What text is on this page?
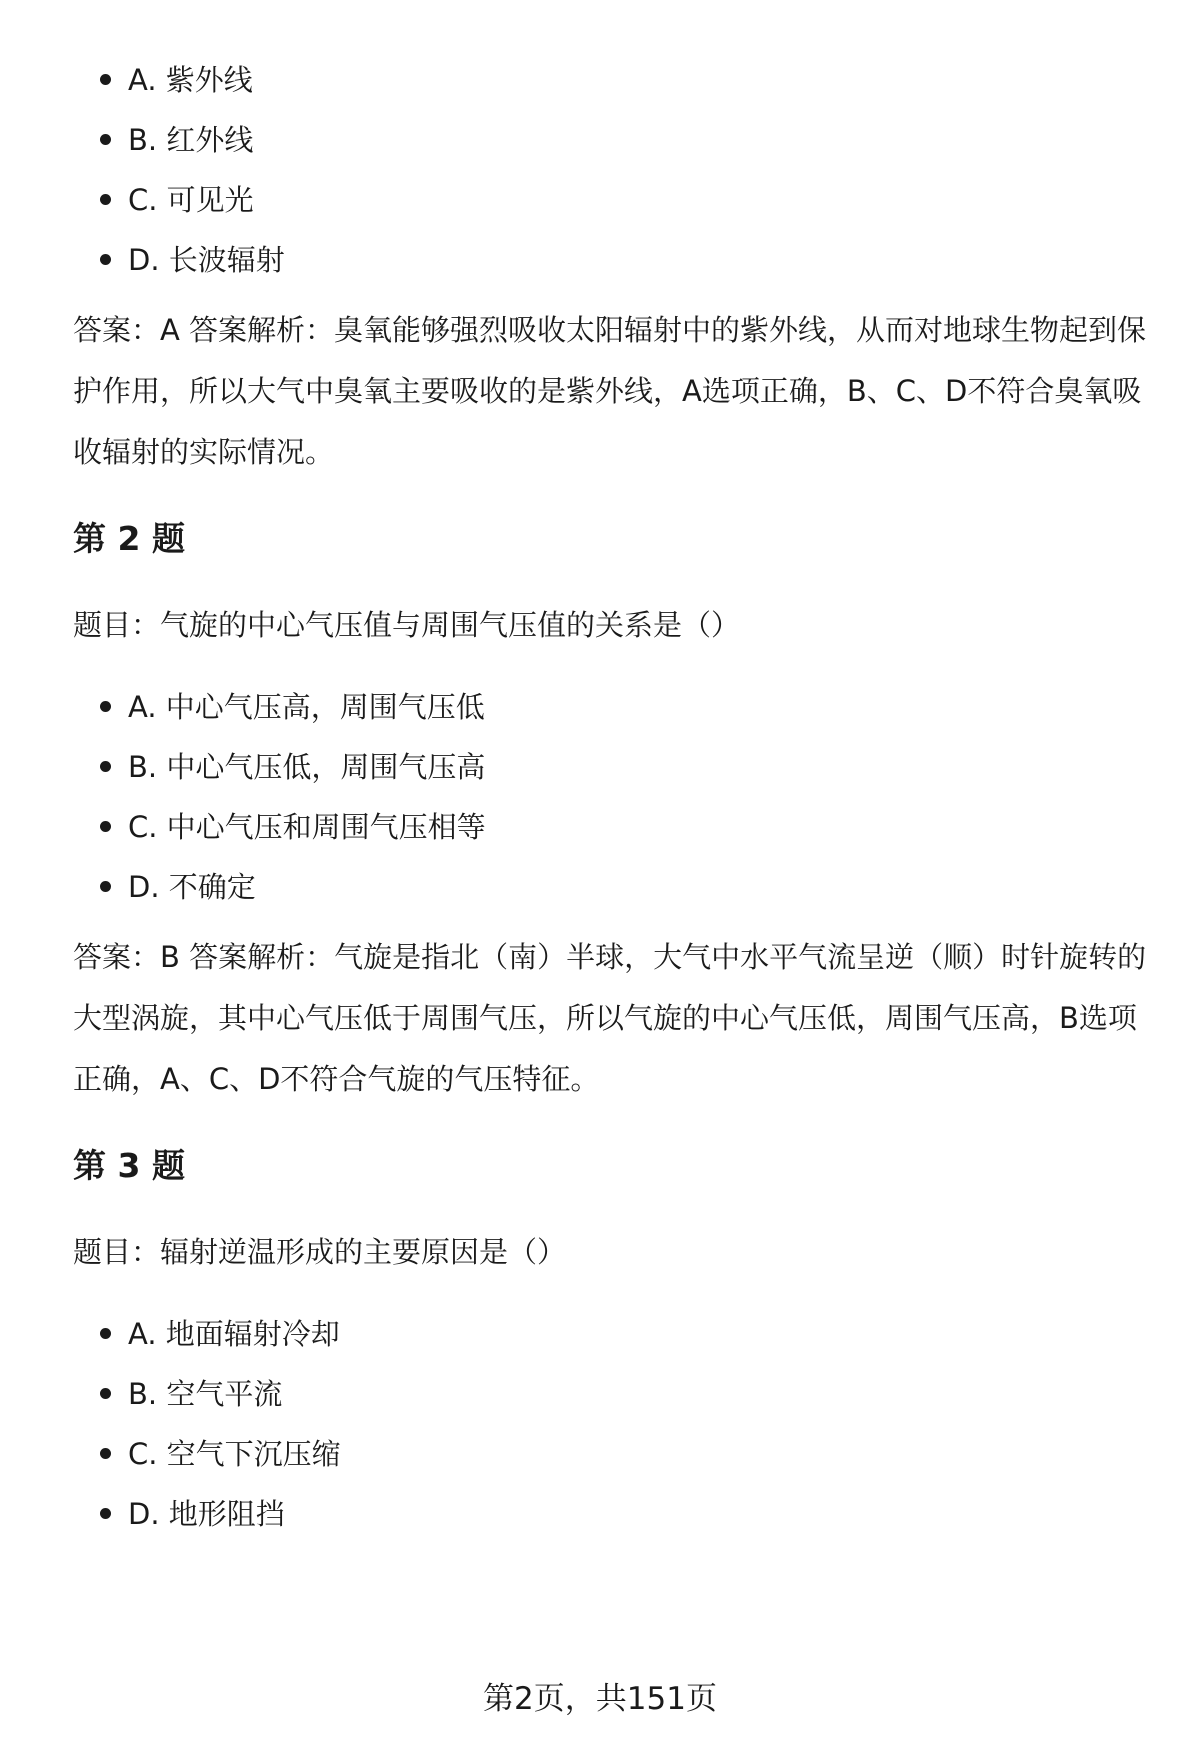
A. 紫外线
B. 红外线
C. 可见光
D. 长波辐射

答案：A 答案解析：臭氧能够强烈吸收太阳辐射中的紫外线，从而对地球生物起到保护作用，所以大气中臭氧主要吸收的是紫外线，A选项正确，B、C、D不符合臭氧吸收辐射的实际情况。

第 2 题

题目：气旋的中心气压值与周围气压值的关系是（）

A. 中心气压高，周围气压低
B. 中心气压低，周围气压高
C. 中心气压和周围气压相等
D. 不确定

答案：B 答案解析：气旋是指北（南）半球，大气中水平气流呈逆（顺）时针旋转的大型涡旋，其中心气压低于周围气压，所以气旋的中心气压低，周围气压高，B选项正确，A、C、D不符合气旋的气压特征。

第 3 题

题目：辐射逆温形成的主要原因是（）

A. 地面辐射冷却
B. 空气平流
C. 空气下沉压缩
D. 地形阻挡
第2页，共151页
